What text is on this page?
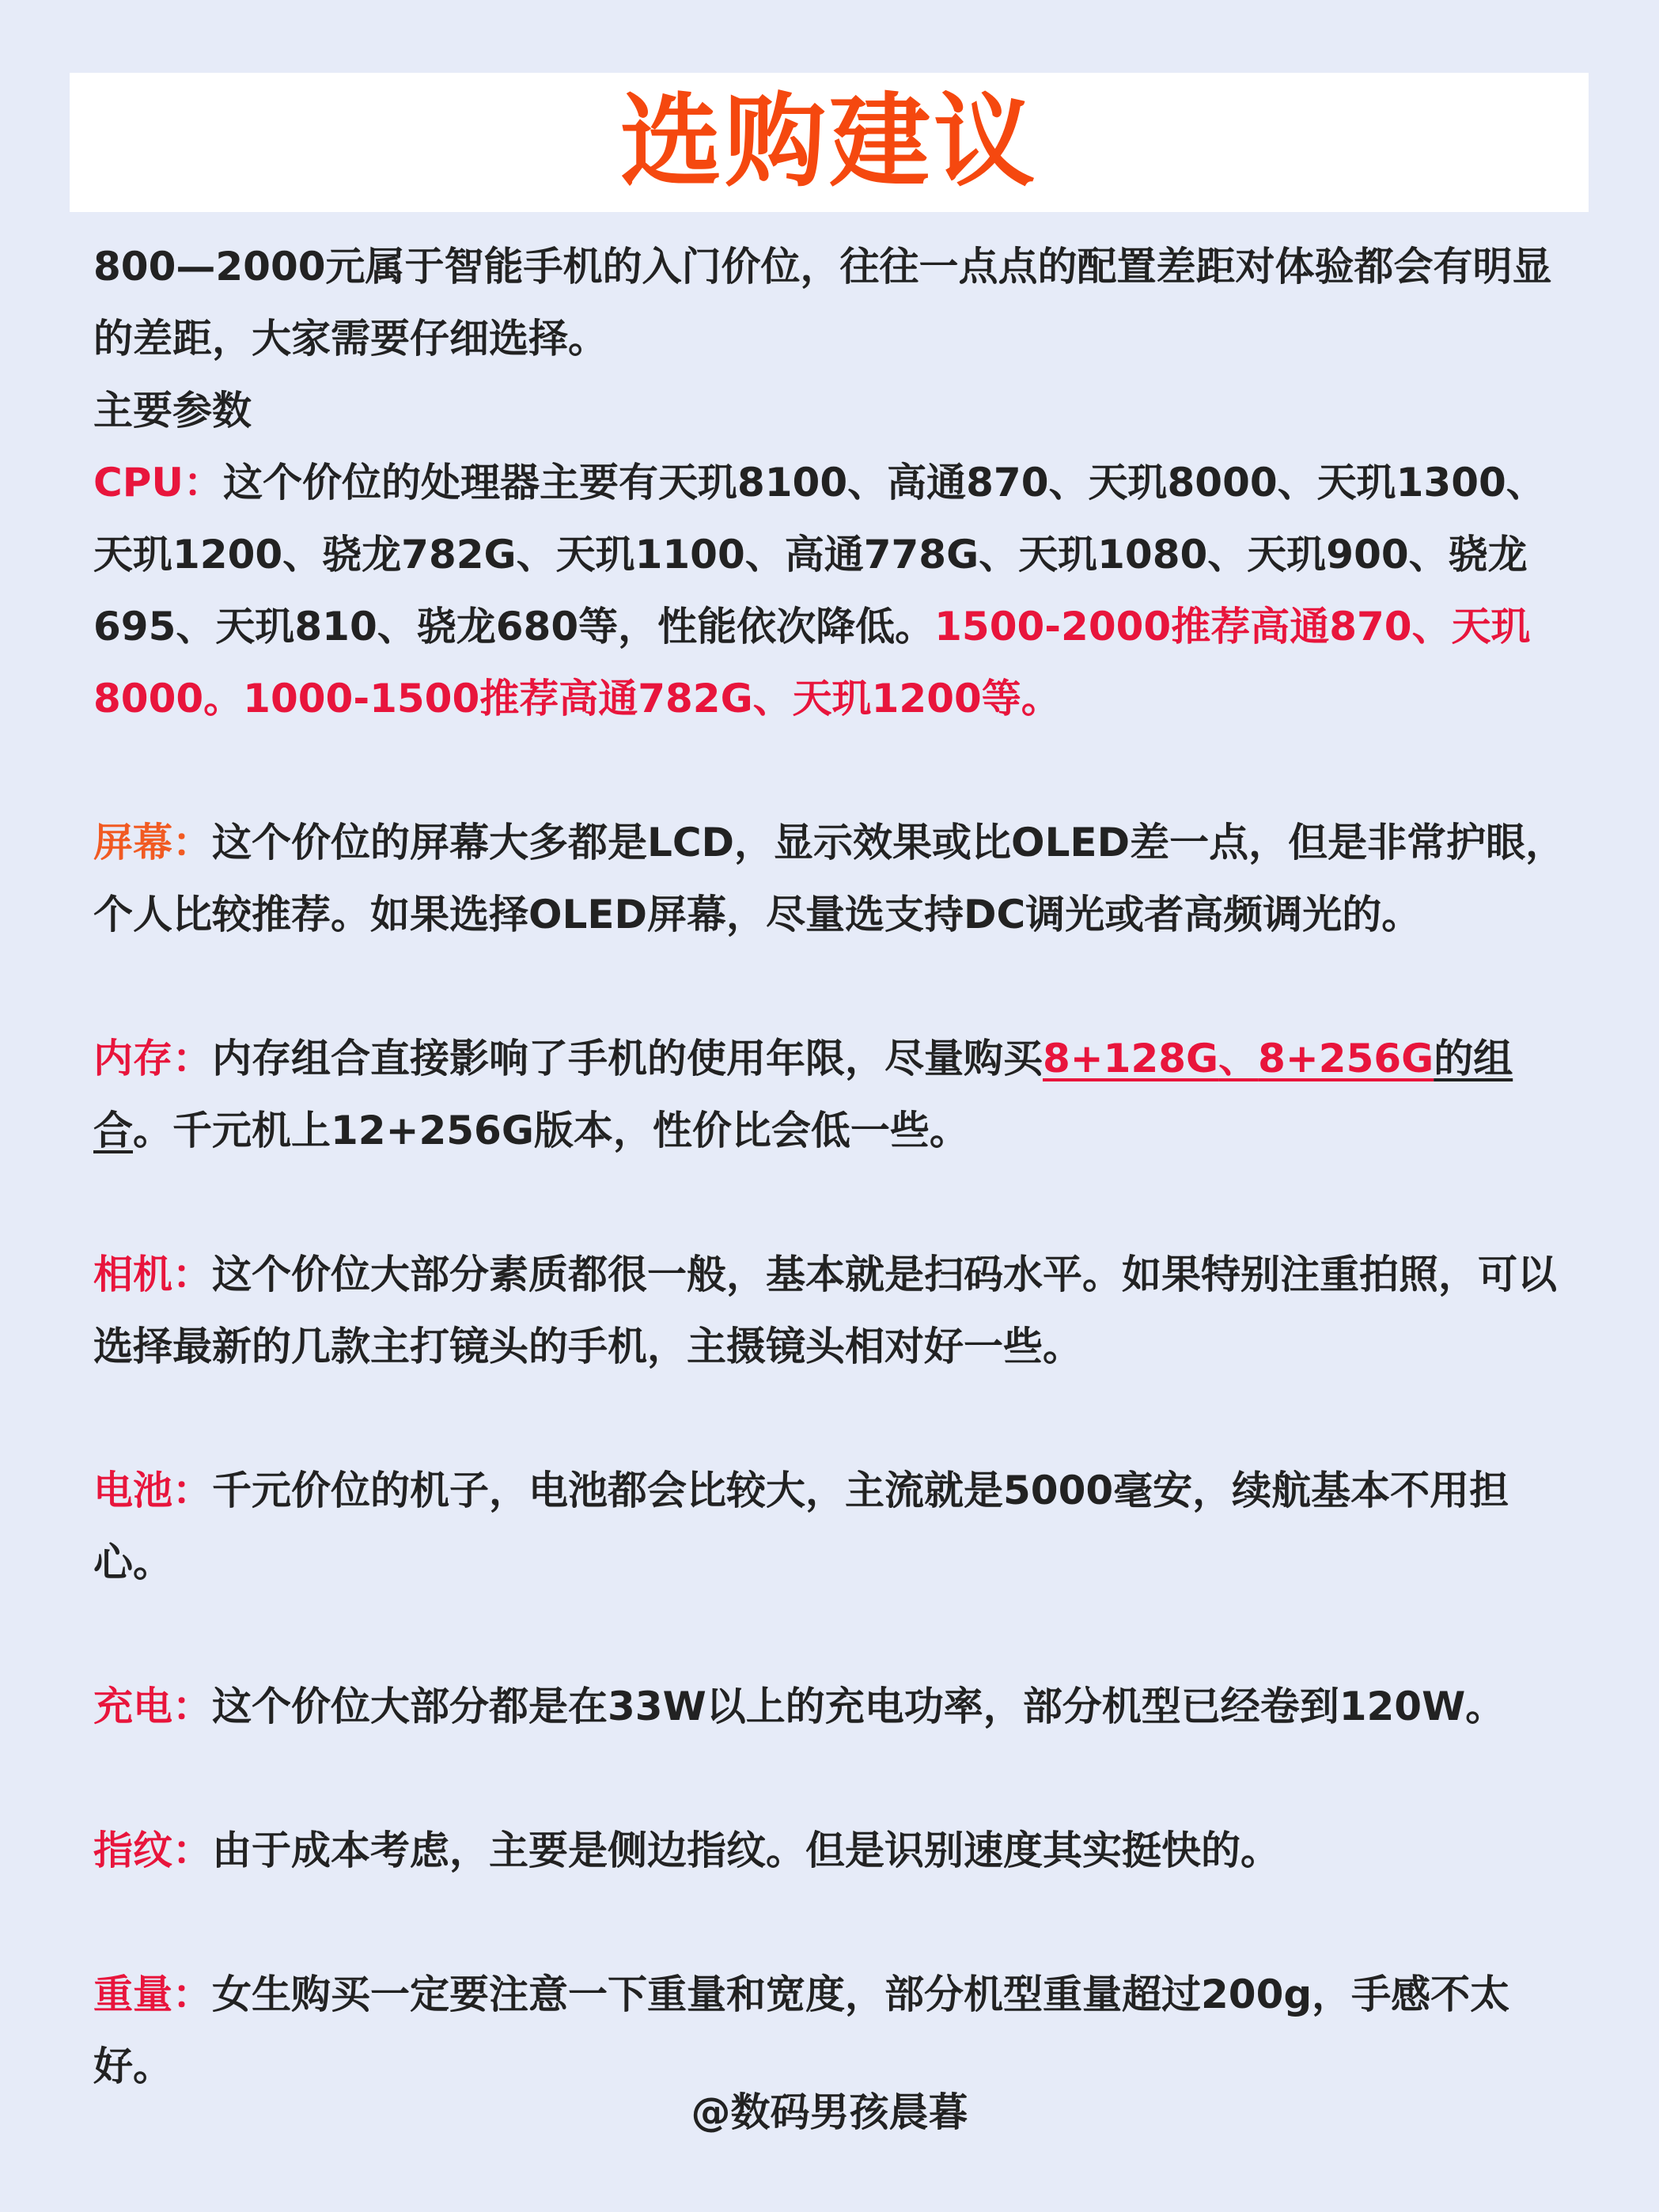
选购建议

800—2000元属于智能手机的入门价位，往往一点点的配置差距对体验都会有明显的差距，大家需要仔细选择。

主要参数

CPU：这个价位的处理器主要有天玑8100、高通870、天玑8000、天玑1300、天玑1200、骁龙782G、天玑1100、高通778G、天玑1080、天玑900、骁龙695、天玑810、骁龙680等，性能依次降低。1500-2000推荐高通870、天玑8000。1000-1500推荐高通782G、天玑1200等。

屏幕：这个价位的屏幕大多都是LCD，显示效果或比OLED差一点，但是非常护眼，个人比较推荐。如果选择OLED屏幕，尽量选支持DC调光或者高频调光的。

内存：内存组合直接影响了手机的使用年限，尽量购买8+128G、8+256G的组合。千元机上12+256G版本，性价比会低一些。

相机：这个价位大部分素质都很一般，基本就是扫码水平。如果特别注重拍照，可以选择最新的几款主打镜头的手机，主摄镜头相对好一些。

电池：千元价位的机子，电池都会比较大，主流就是5000毫安，续航基本不用担心。

充电：这个价位大部分都是在33W以上的充电功率，部分机型已经卷到120W。

指纹：由于成本考虑，主要是侧边指纹。但是识别速度其实挺快的。

重量：女生购买一定要注意一下重量和宽度，部分机型重量超过200g，手感不太好。

@数码男孩晨暮
